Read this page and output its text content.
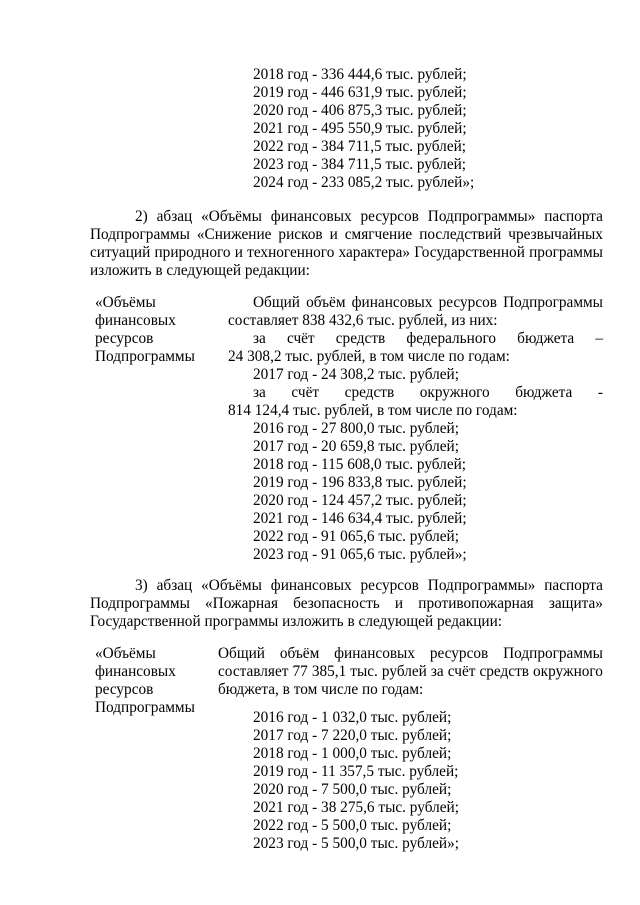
2018 год - 336 444,6 тыс. рублей;
2019 год - 446 631,9 тыс. рублей;
2020 год - 406 875,3 тыс. рублей;
2021 год - 495 550,9 тыс. рублей;
2022 год - 384 711,5 тыс. рублей;
2023 год - 384 711,5 тыс. рублей;
2024 год - 233 085,2 тыс. рублей»;
2) абзац «Объёмы финансовых ресурсов Подпрограммы» паспорта
Подпрограммы «Снижение рисков и смягчение последствий чрезвычайных
ситуаций природного и техногенного характера» Государственной программы
изложить в следующей редакции:
«Объёмы
финансовых
ресурсов
Подпрограммы
Общий объём финансовых ресурсов Подпрограммы
составляет 838 432,6 тыс. рублей, из них:
за счёт средств федерального бюджета –
24 308,2 тыс. рублей, в том числе по годам:
2017 год - 24 308,2 тыс. рублей;
за счёт средств окружного бюджета -
814 124,4 тыс. рублей, в том числе по годам:
2016 год - 27 800,0 тыс. рублей;
2017 год - 20 659,8 тыс. рублей;
2018 год - 115 608,0 тыс. рублей;
2019 год - 196 833,8 тыс. рублей;
2020 год - 124 457,2 тыс. рублей;
2021 год - 146 634,4 тыс. рублей;
2022 год - 91 065,6 тыс. рублей;
2023 год - 91 065,6 тыс. рублей»;
3) абзац «Объёмы финансовых ресурсов Подпрограммы» паспорта
Подпрограммы «Пожарная безопасность и противопожарная защита»
Государственной программы изложить в следующей редакции:
«Объёмы
финансовых
ресурсов
Подпрограммы
Общий объём финансовых ресурсов Подпрограммы
составляет 77 385,1 тыс. рублей за счёт средств окружного
бюджета, в том числе по годам:
2016 год - 1 032,0 тыс. рублей;
2017 год - 7 220,0 тыс. рублей;
2018 год - 1 000,0 тыс. рублей;
2019 год - 11 357,5 тыс. рублей;
2020 год - 7 500,0 тыс. рублей;
2021 год - 38 275,6 тыс. рублей;
2022 год - 5 500,0 тыс. рублей;
2023 год - 5 500,0 тыс. рублей»;
